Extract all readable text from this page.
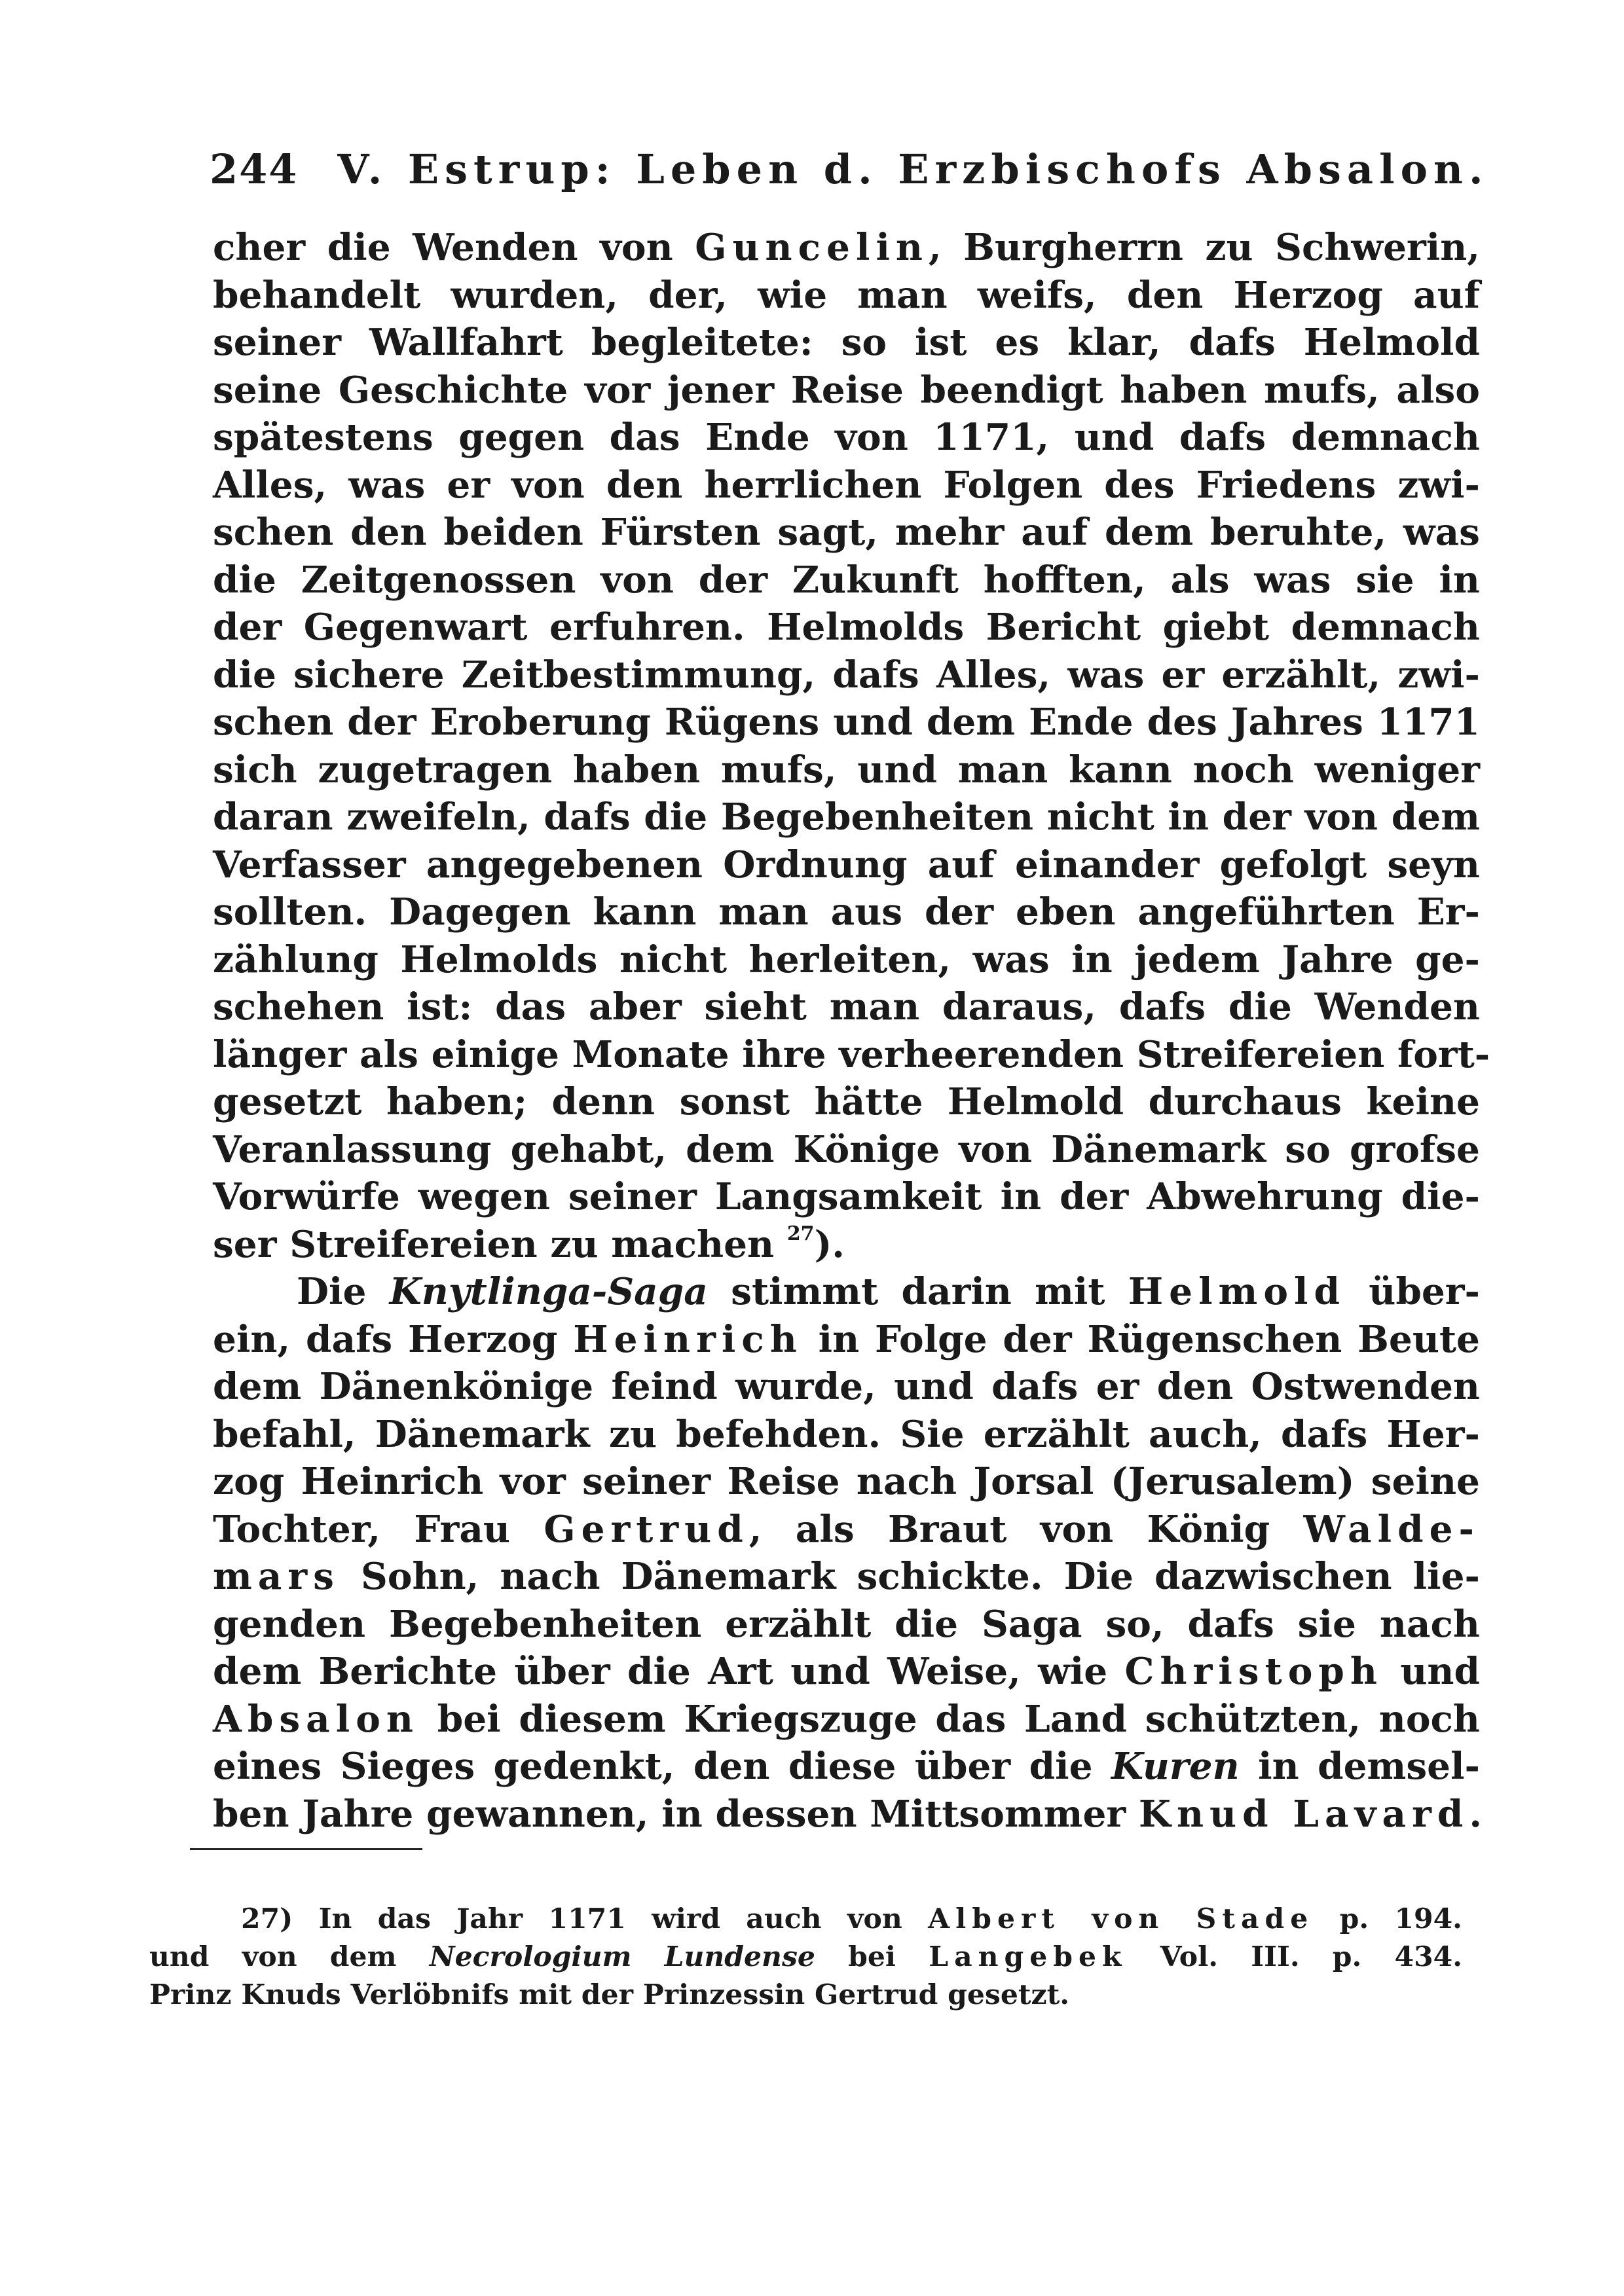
244 V. Estrup: Leben d. Erzbischofs Absalon.
cher die Wenden von Guncelin, Burgherrn zu Schwerin,
behandelt wurden, der, wie man weifs, den Herzog auf
seiner Wallfahrt begleitete: so ist es klar, dafs Helmold
seine Geschichte vor jener Reise beendigt haben mufs, also
spätestens gegen das Ende von 1171, und dafs demnach
Alles, was er von den herrlichen Folgen des Friedens zwi-
schen den beiden Fürsten sagt, mehr auf dem beruhte, was
die Zeitgenossen von der Zukunft hofften, als was sie in
der Gegenwart erfuhren. Helmolds Bericht giebt demnach
die sichere Zeitbestimmung, dafs Alles, was er erzählt, zwi-
schen der Eroberung Rügens und dem Ende des Jahres 1171
sich zugetragen haben mufs, und man kann noch weniger
daran zweifeln, dafs die Begebenheiten nicht in der von dem
Verfasser angegebenen Ordnung auf einander gefolgt seyn
sollten. Dagegen kann man aus der eben angeführten Er-
zählung Helmolds nicht herleiten, was in jedem Jahre ge-
schehen ist: das aber sieht man daraus, dafs die Wenden
länger als einige Monate ihre verheerenden Streifereien fort-
gesetzt haben; denn sonst hätte Helmold durchaus keine
Veranlassung gehabt, dem Könige von Dänemark so grofse
Vorwürfe wegen seiner Langsamkeit in der Abwehrung die-
ser Streifereien zu machen $^{27}$).
Die Knytlinga-Saga stimmt darin mit Helmold über-
ein, dafs Herzog Heinrich in Folge der Rügenschen Beute
dem Dänenkönige feind wurde, und dafs er den Ostwenden
befahl, Dänemark zu befehden. Sie erzählt auch, dafs Her-
zog Heinrich vor seiner Reise nach Jorsal (Jerusalem) seine
Tochter, Frau Gertrud, als Braut von König Walde-
mars Sohn, nach Dänemark schickte. Die dazwischen lie-
genden Begebenheiten erzählt die Saga so, dafs sie nach
dem Berichte über die Art und Weise, wie Christoph und
Absalon bei diesem Kriegszuge das Land schützten, noch
eines Sieges gedenkt, den diese über die Kuren in demsel-
ben Jahre gewannen, in dessen Mittsommer Knud Lavard.
27) In das Jahr 1171 wird auch von Albert von Stade p. 194.
und von dem Necrologium Lundense bei Langebek Vol. III. p. 434.
Prinz Knuds Verlöbnifs mit der Prinzessin Gertrud gesetzt.
